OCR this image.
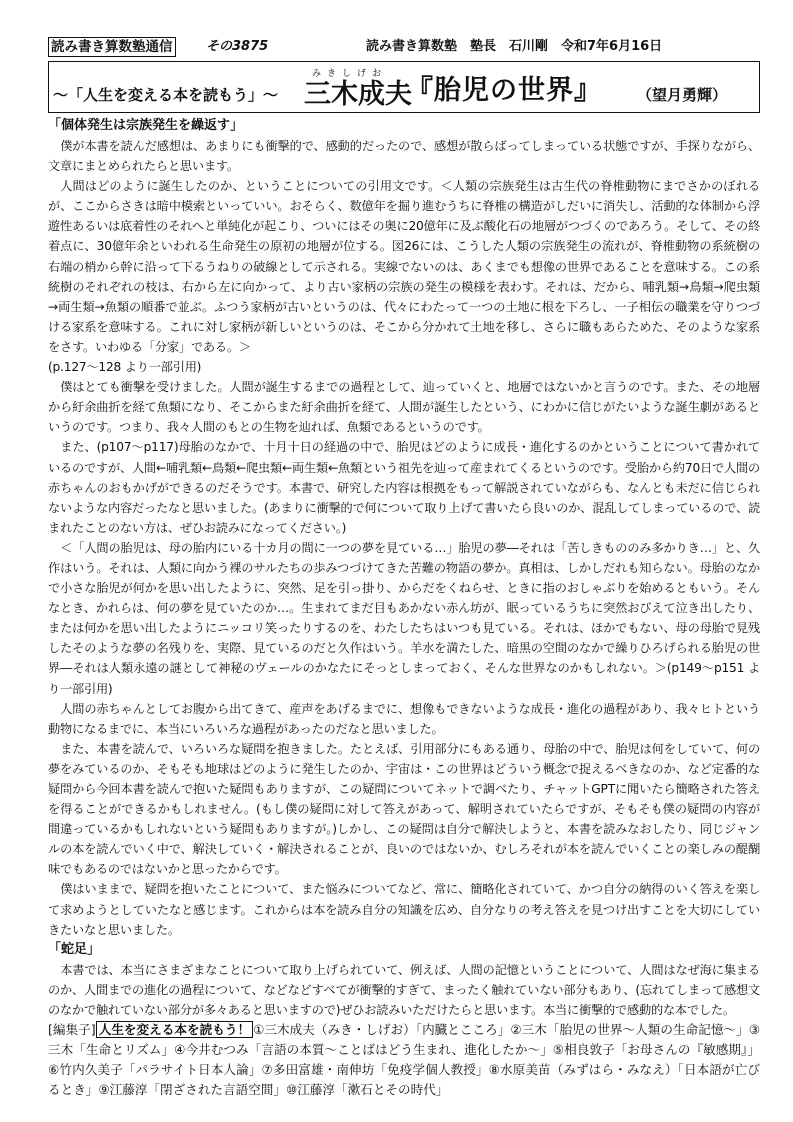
読み書き算数塾通信	その3875	読み書き算数塾　塾長　石川剛　令和7年6月16日
～「人生を変える本を読もう」～
みきしげお
三木成夫
『胎児の世界』 （望月勇輝）

「個体発生は宗族発生を繰返す」

僕が本書を読んだ感想は、あまりにも衝撃的で、感動的だったので、感想が散らばってしまっている状態ですが、手探りながら、文章にまとめられたらと思います。

人間はどのように誕生したのか、ということについての引用文です。＜人類の宗族発生は古生代の脊椎動物にまでさかのぼれるが、ここからさきは暗中模索といっていい。おそらく、数億年を掘り進むうちに脊椎の構造がしだいに消失し、活動的な体制から浮遊性あるいは底着性のそれへと単純化が起こり、ついにはその奥に20億年に及ぶ酸化石の地層がつづくのであろう。そして、その終着点に、30億年余といわれる生命発生の原初の地層が位する。図26には、こうした人類の宗族発生の流れが、脊椎動物の系統樹の右端の梢から幹に沿って下るうねりの破線として示される。実線でないのは、あくまでも想像の世界であることを意味する。この系統樹のそれぞれの枝は、右から左に向かって、より古い家柄の宗族の発生の模様を表わす。それは、だから、哺乳類→鳥類→爬虫類→両生類→魚類の順番で並ぶ。ふつう家柄が古いというのは、代々にわたって一つの土地に根を下ろし、一子相伝の職業を守りつづける家系を意味する。これに対し家柄が新しいというのは、そこから分かれて土地を移し、さらに職もあらためた、そのような家系をさす。いわゆる「分家」である。＞

(p.127～128 より一部引用)

僕はとても衝撃を受けました。人間が誕生するまでの過程として、辿っていくと、地層ではないかと言うのです。また、その地層から紆余曲折を経て魚類になり、そこからまた紆余曲折を経て、人間が誕生したという、にわかに信じがたいような誕生劇があるというのです。つまり、我々人間のもとの生物を辿れば、魚類であるというのです。

また、(p107～p117)母胎のなかで、十月十日の経過の中で、胎児はどのように成長・進化するのかということについて書かれているのですが、人間←哺乳類←鳥類←爬虫類←両生類←魚類という祖先を辿って産まれてくるというのです。受胎から約70日で人間の赤ちゃんのおもかげができるのだそうです。本書で、研究した内容は根拠をもって解説されていながらも、なんとも未だに信じられないような内容だったなと思いました。(あまりに衝撃的で何について取り上げて書いたら良いのか、混乱してしまっているので、読まれたことのない方は、ぜひお読みになってください。)

＜「人間の胎児は、母の胎内にいる十カ月の間に一つの夢を見ている…」胎児の夢―それは「苦しきもののみ多かりき…」と、久作はいう。それは、人類に向かう裸のサルたちの歩みつづけてきた苦難の物語の夢か。真相は、しかしだれも知らない。母胎のなかで小さな胎児が何かを思い出したように、突然、足を引っ掛り、からだをくねらせ、ときに指のおしゃぶりを始めるともいう。そんなとき、かれらは、何の夢を見ていたのか…。生まれてまだ目もあかない赤ん坊が、眠っているうちに突然おびえて泣き出したり、または何かを思い出したようにニッコリ笑ったりするのを、わたしたちはいつも見ている。それは、ほかでもない、母の母胎で見残したそのような夢の名残りを、実際、見ているのだと久作はいう。羊水を満たした、暗黒の空間のなかで繰りひろげられる胎児の世界―それは人類永遠の謎として神秘のヴェールのかなたにそっとしまっておく、そんな世界なのかもしれない。＞(p149～p151 より一部引用)

人間の赤ちゃんとしてお腹から出てきて、産声をあげるまでに、想像もできないような成長・進化の過程があり、我々ヒトという動物になるまでに、本当にいろいろな過程があったのだなと思いました。

また、本書を読んで、いろいろな疑問を抱きました。たとえば、引用部分にもある通り、母胎の中で、胎児は何をしていて、何の夢をみているのか、そもそも地球はどのように発生したのか、宇宙は・この世界はどういう概念で捉えるべきなのか、など定番的な疑問から今回本書を読んで抱いた疑問もありますが、この疑問についてネットで調べたり、チャットGPTに聞いたら簡略された答えを得ることができるかもしれません。(もし僕の疑問に対して答えがあって、解明されていたらですが、そもそも僕の疑問の内容が間違っているかもしれないという疑問もありますが。)しかし、この疑問は自分で解決しようと、本書を読みなおしたり、同じジャンルの本を読んでいく中で、解決していく・解決されることが、良いのではないか、むしろそれが本を読んでいくことの楽しみの醍醐味でもあるのではないかと思ったからです。

僕はいままで、疑問を抱いたことについて、また悩みについてなど、常に、簡略化されていて、かつ自分の納得のいく答えを楽して求めようとしていたなと感じます。これからは本を読み自分の知識を広め、自分なりの考え答えを見つけ出すことを大切にしていきたいなと思いました。

「蛇足」

本書では、本当にさまざまなことについて取り上げられていて、例えば、人間の記憶ということについて、人間はなぜ海に集まるのか、人間までの進化の過程について、などなどすべてが衝撃的すぎて、まったく触れていない部分もあり、(忘れてしまって感想文のなかで触れていない部分が多々あると思いますので)ぜひお読みいただけたらと思います。本当に衝撃的で感動的な本でした。

[編集子] 人生を変える本を読もう！ ①三木成夫（みき・しげお）「内臓とこころ」②三木「胎児の世界～人類の生命記憶～」③三木「生命とリズム」④今井むつみ「言語の本質～ことばはどう生まれ、進化したか～」⑤相良敦子「お母さんの『敏感期』」⑥竹内久美子「パラサイト日本人論」⑦多田富雄・南伸坊「免疫学個人教授」⑧水原美苗（みずはら・みなえ）「日本語が亡びるとき」⑨江藤淳「閉ざされた言語空間」⑩江藤淳「漱石とその時代」
